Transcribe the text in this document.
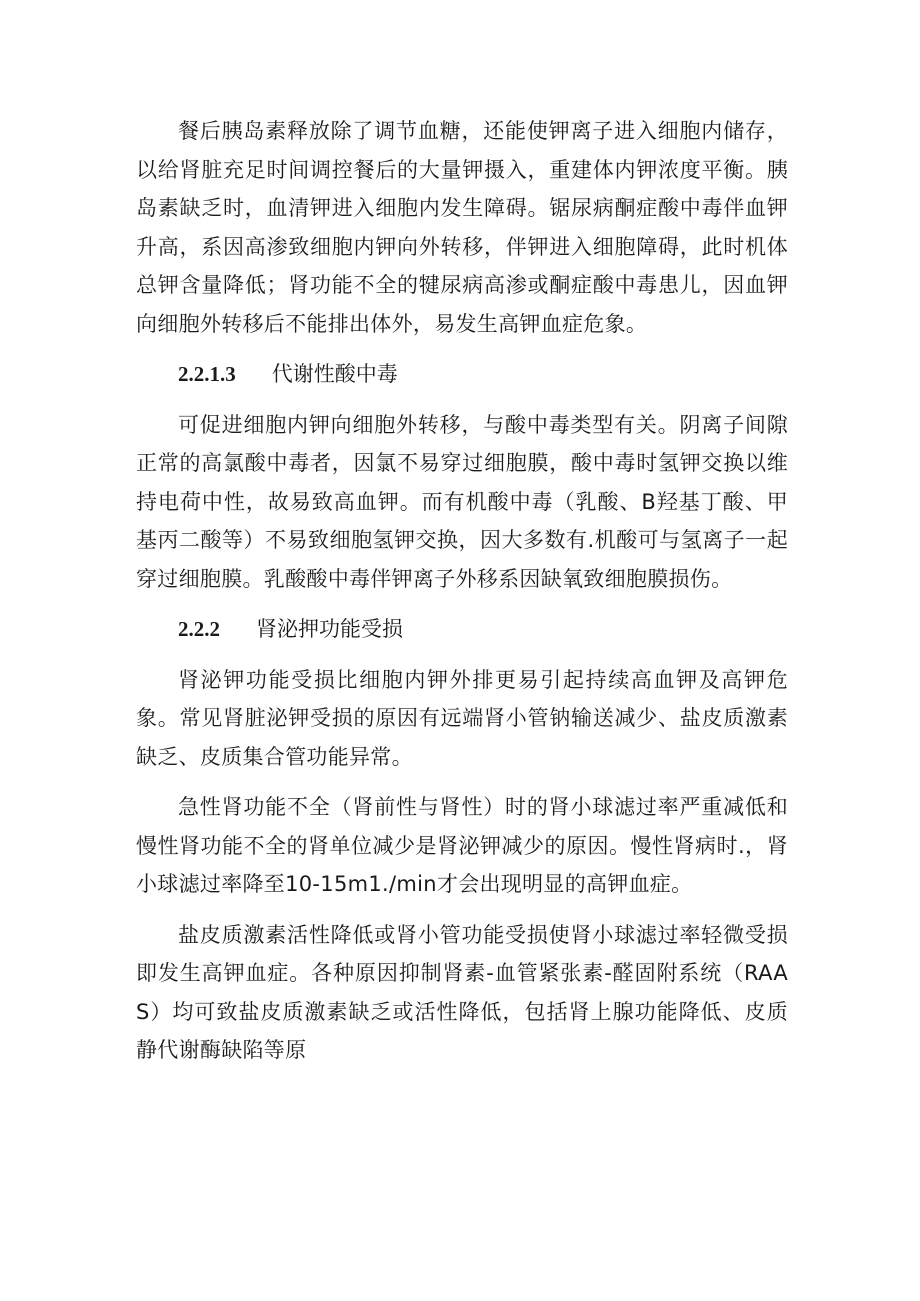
餐后胰岛素释放除了调节血糖，还能使钾离子进入细胞内储存，以给肾脏充足时间调控餐后的大量钾摄入，重建体内钾浓度平衡。胰岛素缺乏时，血清钾进入细胞内发生障碍。锯尿病酮症酸中毒伴血钾升高，系因高渗致细胞内钾向外转移，伴钾进入细胞障碍，此时机体总钾含量降低；肾功能不全的犍尿病高渗或酮症酸中毒患儿，因血钾向细胞外转移后不能排出体外，易发生高钾血症危象。

2.2.1.3 代谢性酸中毒

可促进细胞内钾向细胞外转移，与酸中毒类型有关。阴离子间隙正常的高氯酸中毒者，因氯不易穿过细胞膜，酸中毒时氢钾交换以维持电荷中性，故易致高血钾。而有机酸中毒（乳酸、B羟基丁酸、甲基丙二酸等）不易致细胞氢钾交换，因大多数有.机酸可与氢离子一起穿过细胞膜。乳酸酸中毒伴钾离子外移系因缺氧致细胞膜损伤。

2.2.2 肾泌押功能受损

肾泌钾功能受损比细胞内钾外排更易引起持续高血钾及高钾危象。常见肾脏泌钾受损的原因有远端肾小管钠输送减少、盐皮质激素缺乏、皮质集合管功能异常。

急性肾功能不全（肾前性与肾性）时的肾小球滤过率严重减低和慢性肾功能不全的肾单位减少是肾泌钾减少的原因。慢性肾病时.，肾小球滤过率降至10-15m1./min才会出现明显的高钾血症。

盐皮质激素活性降低或肾小管功能受损使肾小球滤过率轻微受损即发生高钾血症。各种原因抑制肾素-血管紧张素-醛固附系统（RAAS）均可致盐皮质激素缺乏或活性降低，包括肾上腺功能降低、皮质静代谢酶缺陷等原
